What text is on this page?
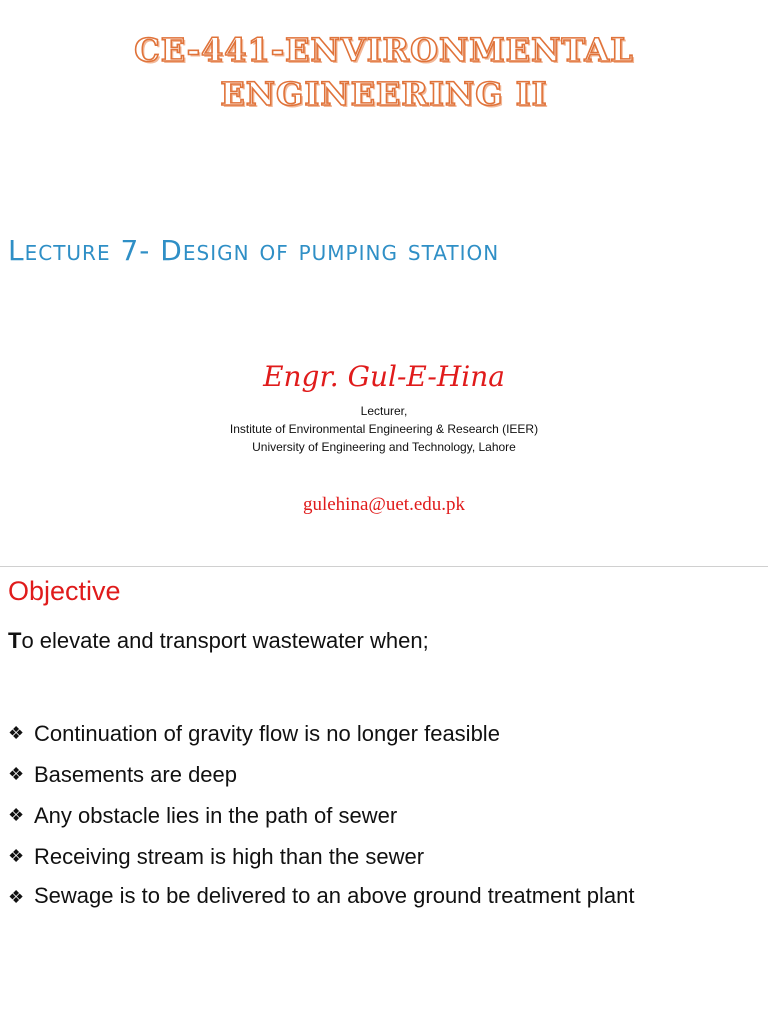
CE-441-ENVIRONMENTAL
ENGINEERING II
Lecture 7- Design of pumping station
Engr. Gul-E-Hina
Lecturer,
Institute of Environmental Engineering & Research (IEER)
University of Engineering and Technology, Lahore
gulehina@uet.edu.pk
Objective
To elevate and transport wastewater when;
❖ Continuation of gravity flow is no longer feasible
❖ Basements are deep
❖ Any obstacle lies in the path of sewer
❖ Receiving stream is high than the sewer
❖ Sewage is to be delivered to an above ground treatment plant
